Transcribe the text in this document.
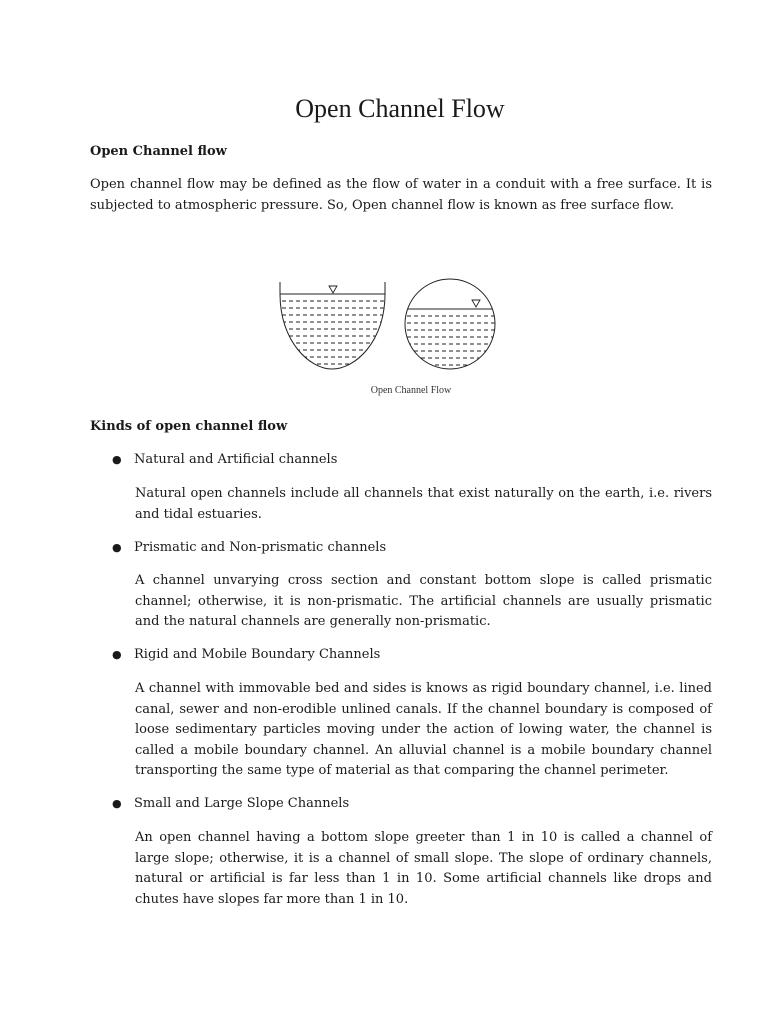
Open Channel Flow

Open Channel flow

Open channel flow may be defined as the flow of water in a conduit with a free surface. It is subjected to atmospheric pressure. So, Open channel flow is known as free surface flow.

Open Channel Flow

Kinds of open channel flow

● Natural and Artificial channels

Natural open channels include all channels that exist naturally on the earth, i.e. rivers and tidal estuaries.

● Prismatic and Non-prismatic channels

A channel unvarying cross section and constant bottom slope is called prismatic channel; otherwise, it is non-prismatic. The artificial channels are usually prismatic and the natural channels are generally non-prismatic.

● Rigid and Mobile Boundary Channels

A channel with immovable bed and sides is knows as rigid boundary channel, i.e. lined canal, sewer and non-erodible unlined canals. If the channel boundary is composed of loose sedimentary particles moving under the action of lowing water, the channel is called a mobile boundary channel. An alluvial channel is a mobile boundary channel transporting the same type of material as that comparing the channel perimeter.

● Small and Large Slope Channels

An open channel having a bottom slope greeter than 1 in 10 is called a channel of large slope; otherwise, it is a channel of small slope. The slope of ordinary channels, natural or artificial is far less than 1 in 10. Some artificial channels like drops and chutes have slopes far more than 1 in 10.
